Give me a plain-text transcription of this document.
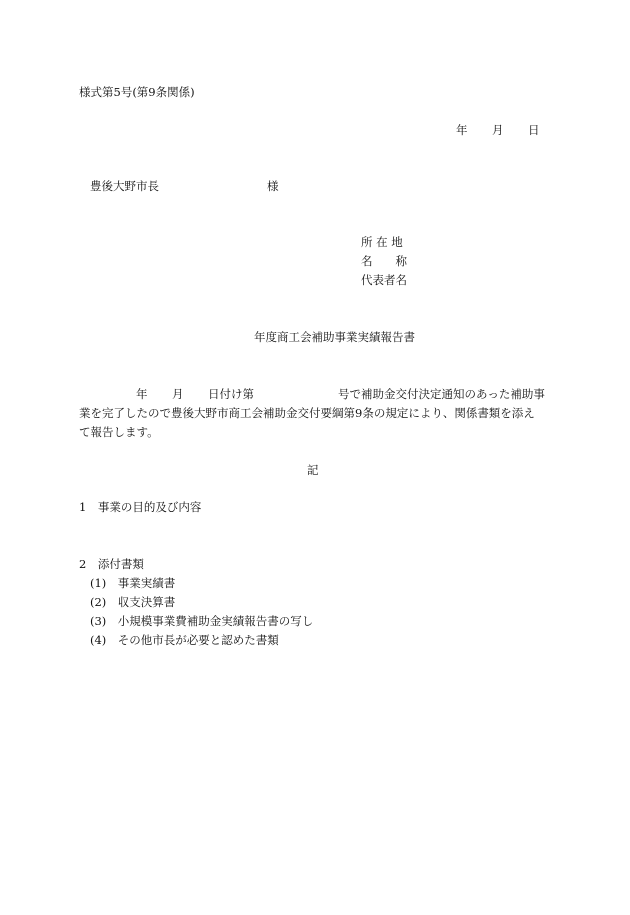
様式第5号(第9条関係)
年 月 日
豊後大野市長	様
所 在 地
名　　称
代表者名
年度商工会補助事業実績報告書
年 月 日付け第	号で補助金交付決定通知のあった補助事
業を完了したので豊後大野市商工会補助金交付要綱第9条の規定により、関係書類を添え
て報告します。
記
1　事業の目的及び内容
2　添付書類
(1)　事業実績書
(2)　収支決算書
(3)　小規模事業費補助金実績報告書の写し
(4)　その他市長が必要と認めた書類
